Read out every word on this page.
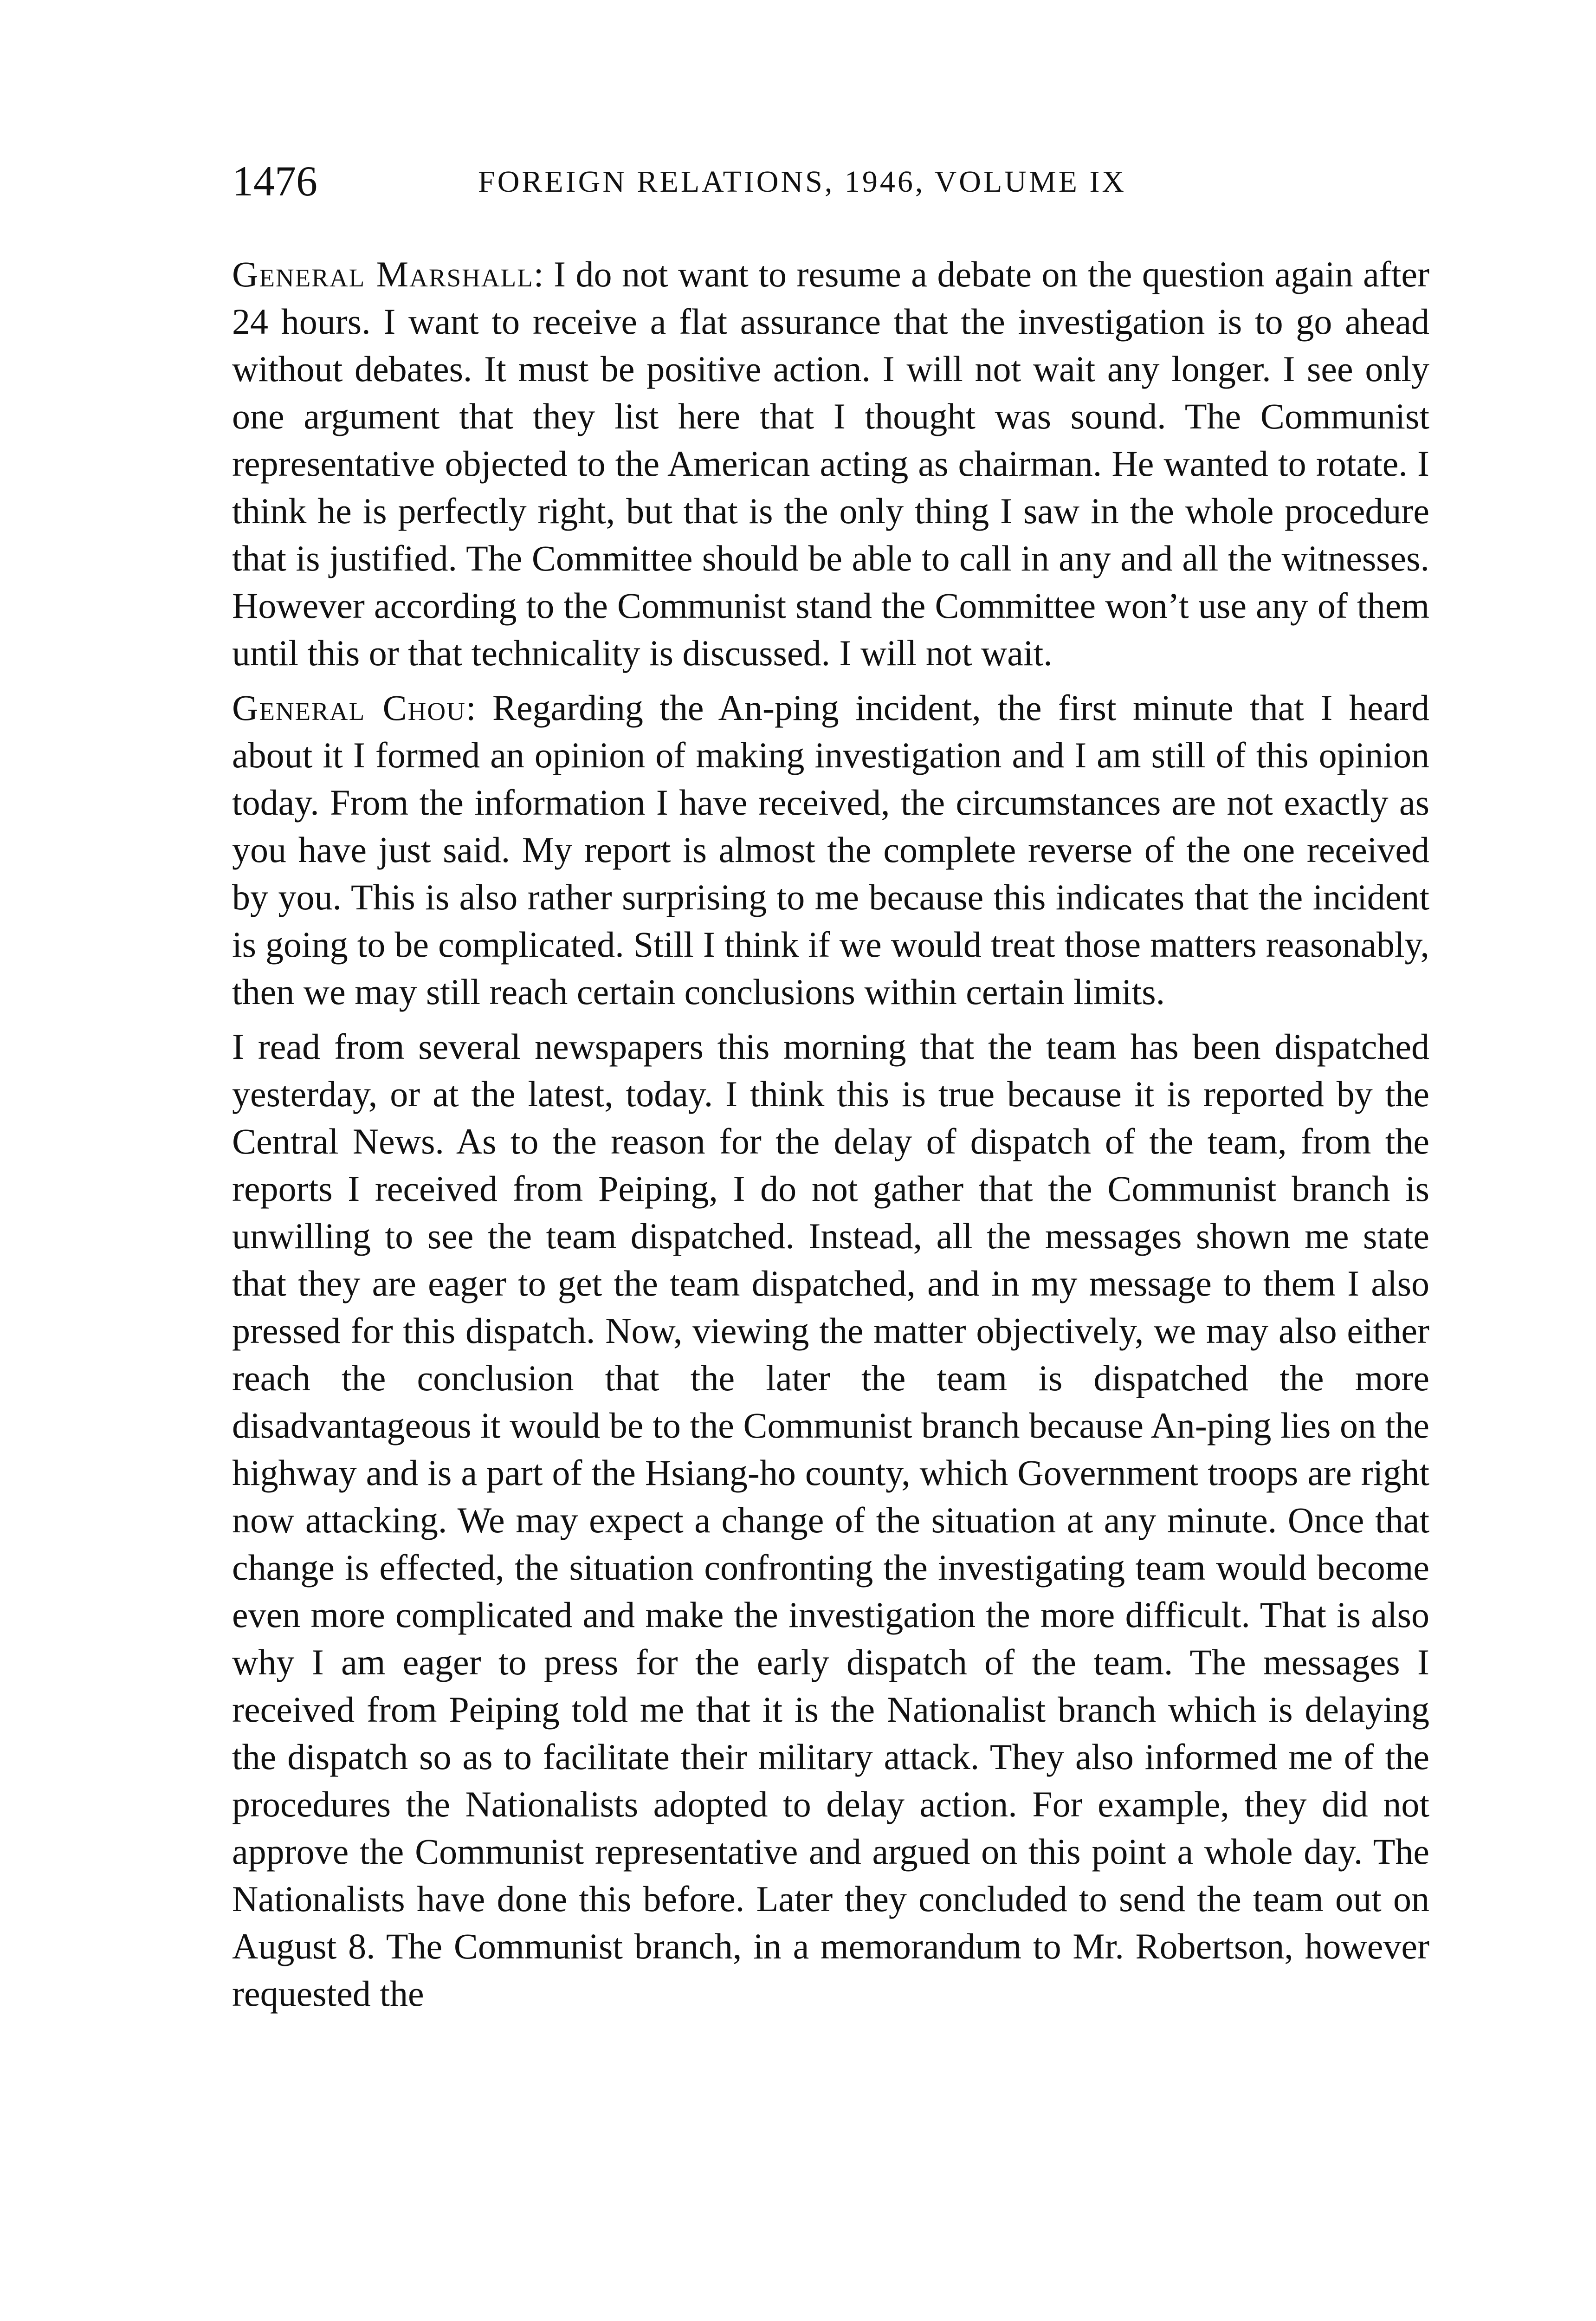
1476	FOREIGN RELATIONS, 1946, VOLUME IX

General Marshall: I do not want to resume a debate on the question again after 24 hours. I want to receive a flat assurance that the investigation is to go ahead without debates. It must be positive action. I will not wait any longer. I see only one argument that they list here that I thought was sound. The Communist representative objected to the American acting as chairman. He wanted to rotate. I think he is perfectly right, but that is the only thing I saw in the whole procedure that is justified. The Committee should be able to call in any and all the witnesses. However according to the Communist stand the Committee won’t use any of them until this or that technicality is discussed. I will not wait.

General Chou: Regarding the An-ping incident, the first minute that I heard about it I formed an opinion of making investigation and I am still of this opinion today. From the information I have received, the circumstances are not exactly as you have just said. My report is almost the complete reverse of the one received by you. This is also rather surprising to me because this indicates that the incident is going to be complicated. Still I think if we would treat those matters reasonably, then we may still reach certain conclusions within certain limits.

I read from several newspapers this morning that the team has been dispatched yesterday, or at the latest, today. I think this is true because it is reported by the Central News. As to the reason for the delay of dispatch of the team, from the reports I received from Peiping, I do not gather that the Communist branch is unwilling to see the team dispatched. Instead, all the messages shown me state that they are eager to get the team dispatched, and in my message to them I also pressed for this dispatch. Now, viewing the matter objectively, we may also either reach the conclusion that the later the team is dispatched the more disadvantageous it would be to the Communist branch because An-ping lies on the highway and is a part of the Hsiang-ho county, which Government troops are right now attacking. We may expect a change of the situation at any minute. Once that change is effected, the situation confronting the investigating team would become even more complicated and make the investigation the more difficult. That is also why I am eager to press for the early dispatch of the team. The messages I received from Peiping told me that it is the Nationalist branch which is delaying the dispatch so as to facilitate their military attack. They also informed me of the procedures the Nationalists adopted to delay action. For example, they did not approve the Communist representative and argued on this point a whole day. The Nationalists have done this before. Later they concluded to send the team out on August 8. The Communist branch, in a memorandum to Mr. Robertson, however requested the
